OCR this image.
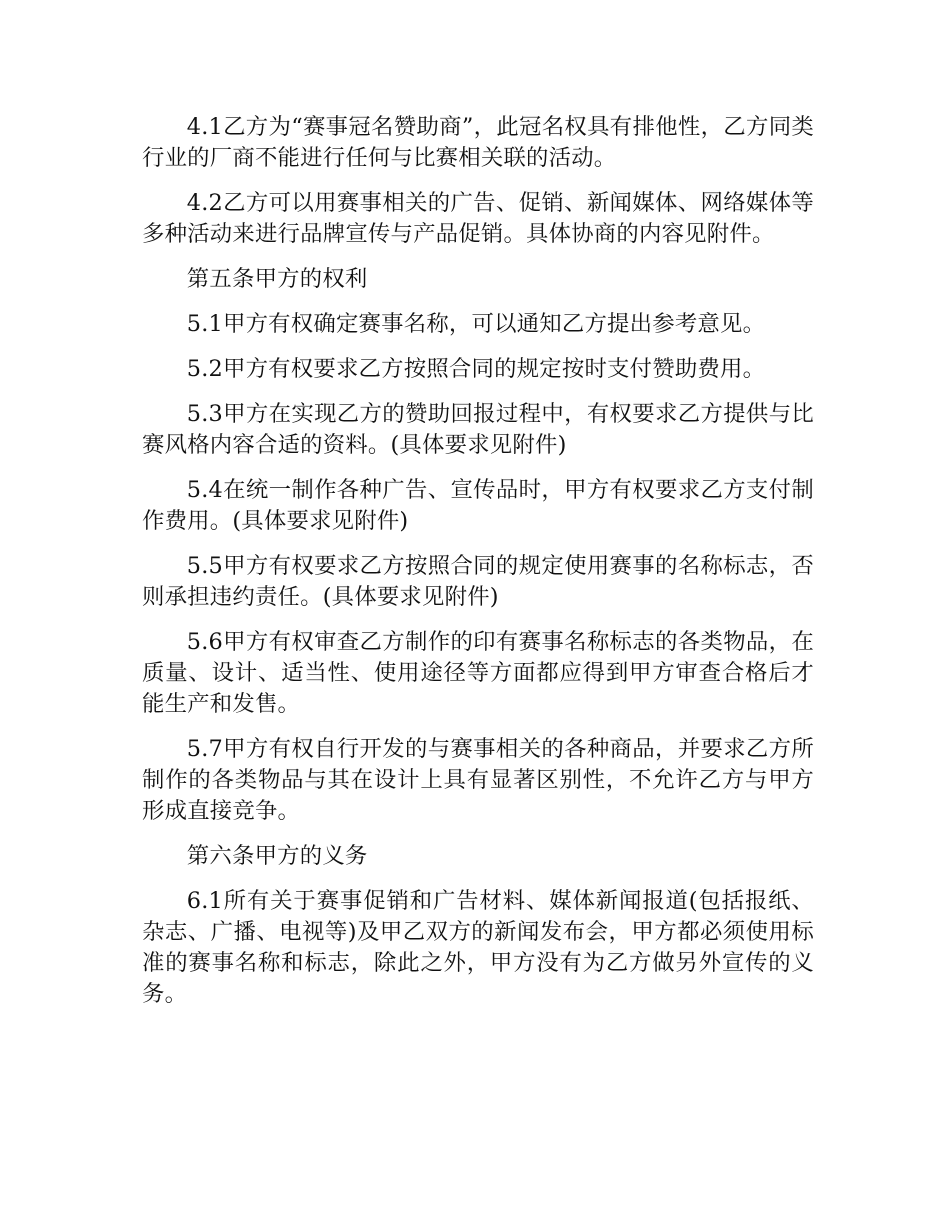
4.1乙方为“赛事冠名赞助商”，此冠名权具有排他性，乙方同类行业的厂商不能进行任何与比赛相关联的活动。

4.2乙方可以用赛事相关的广告、促销、新闻媒体、网络媒体等多种活动来进行品牌宣传与产品促销。具体协商的内容见附件。

第五条甲方的权利

5.1甲方有权确定赛事名称，可以通知乙方提出参考意见。

5.2甲方有权要求乙方按照合同的规定按时支付赞助费用。

5.3甲方在实现乙方的赞助回报过程中，有权要求乙方提供与比赛风格内容合适的资料。(具体要求见附件)

5.4在统一制作各种广告、宣传品时，甲方有权要求乙方支付制作费用。(具体要求见附件)

5.5甲方有权要求乙方按照合同的规定使用赛事的名称标志，否则承担违约责任。(具体要求见附件)

5.6甲方有权审查乙方制作的印有赛事名称标志的各类物品，在质量、设计、适当性、使用途径等方面都应得到甲方审查合格后才能生产和发售。

5.7甲方有权自行开发的与赛事相关的各种商品，并要求乙方所制作的各类物品与其在设计上具有显著区别性，不允许乙方与甲方形成直接竞争。

第六条甲方的义务

6.1所有关于赛事促销和广告材料、媒体新闻报道(包括报纸、杂志、广播、电视等)及甲乙双方的新闻发布会，甲方都必须使用标准的赛事名称和标志，除此之外，甲方没有为乙方做另外宣传的义务。
